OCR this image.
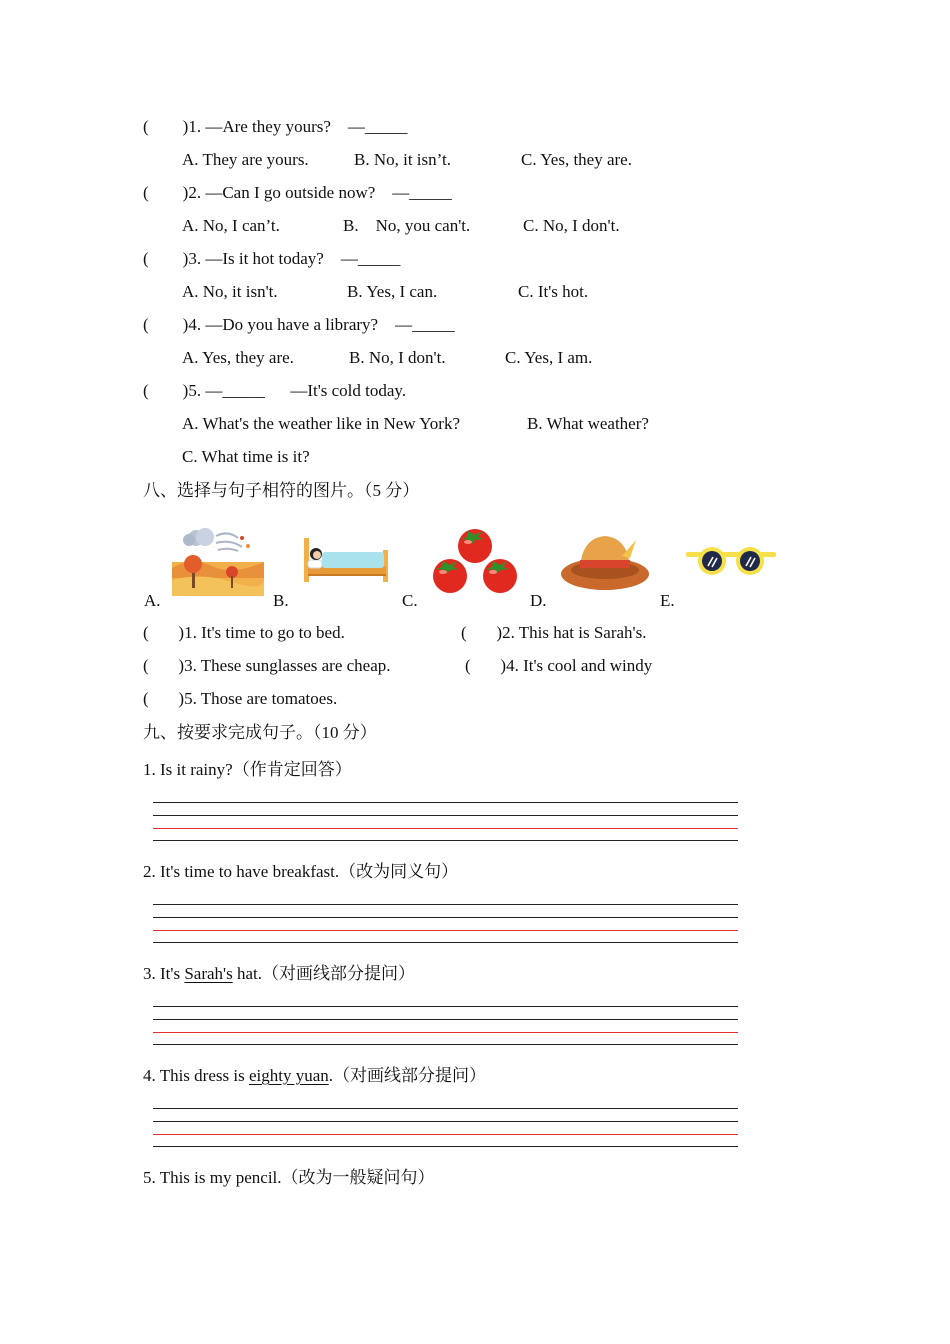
(        )1. —Are they yours?    —_____
A. They are yours.	B. No, it isn’t.	C. Yes, they are.
(        )2. —Can I go outside now?    —_____
A. No, I can’t.	B.    No, you can't.	C. No, I don't.
(        )3. —Is it hot today?    —_____
A. No, it isn't.	B. Yes, I can.	C. It's hot.
(        )4. —Do you have a library?    —_____
A. Yes, they are.	B. No, I don't.	C. Yes, I am.
(        )5. —_____      —It's cold today.
A. What's the weather like in New York?	B. What weather?
C. What time is it?
八、选择与句子相符的图片。（5 分）
A.	B.	C.	D.	E.
(       )1. It's time to go to bed.	(       )2. This hat is Sarah's.
(       )3. These sunglasses are cheap.	(       )4. It's cool and windy
(       )5. Those are tomatoes.
九、按要求完成句子。（10 分）
1. Is it rainy?（作肯定回答）
2. It's time to have breakfast.（改为同义句）
3. It's Sarah's hat.（对画线部分提问）
4. This dress is eighty yuan.（对画线部分提问）
5. This is my pencil.（改为一般疑问句）
